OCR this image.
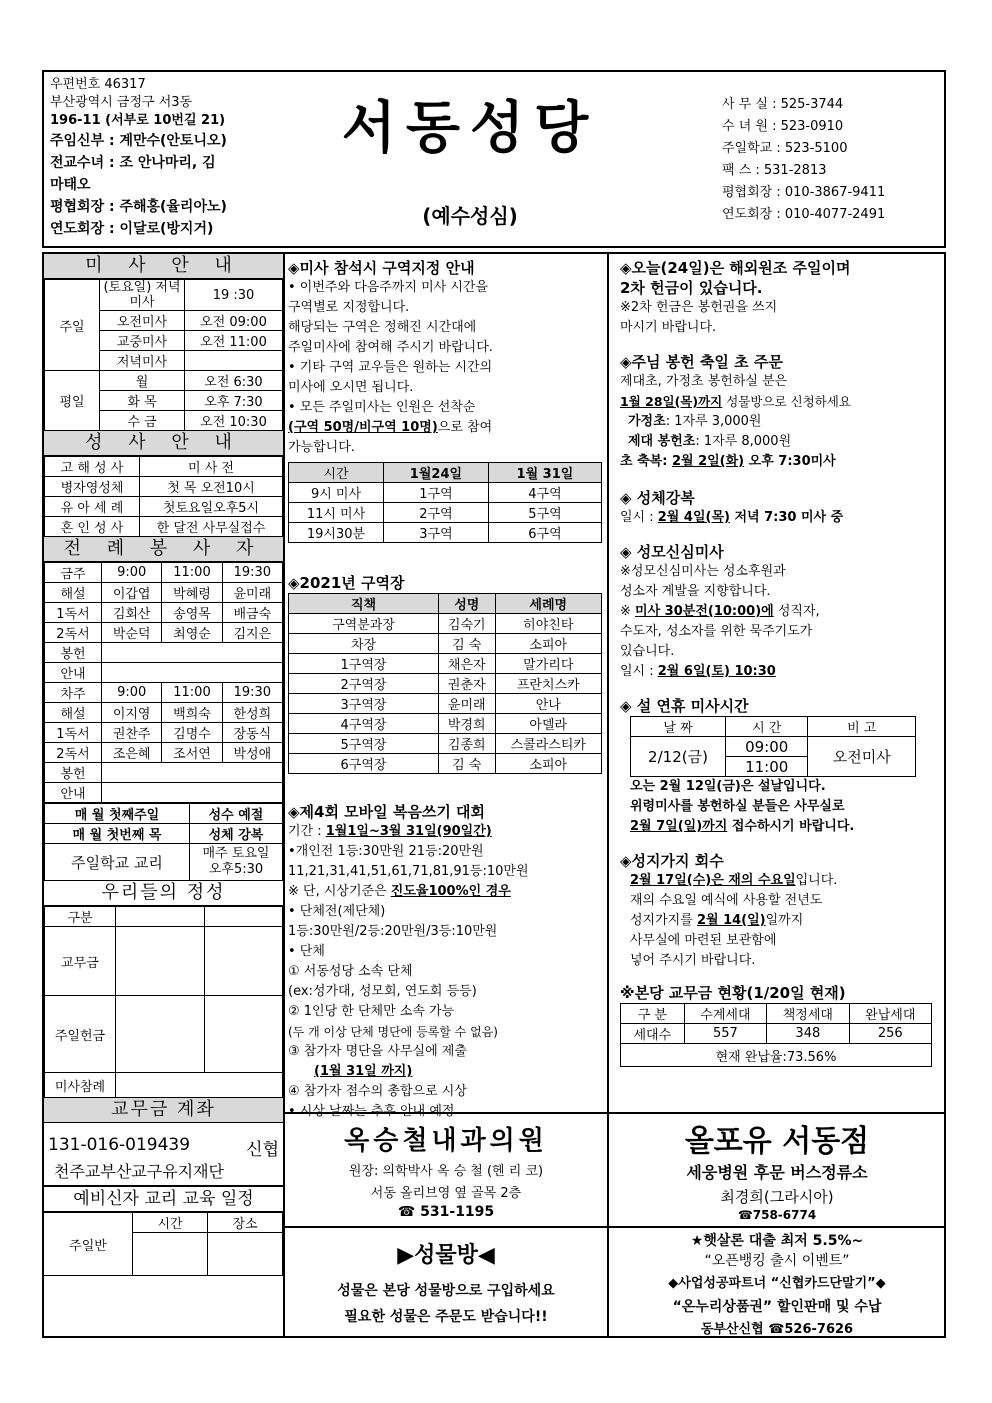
우편번호 46317
부산광역시 금정구 서3동
196-11 (서부로 10번길 21)
주임신부 : 계만수(안토니오)
전교수녀 : 조 안나마리, 김
마태오
평협회장 : 주해홍(율리아노)
연도회장 : 이달로(방지거)
서동성당
(예수성심)
사 무 실 : 525-3744
수 녀 원 : 523-0910
주일학교 : 523-5100
팩 스 : 531-2813
평협회장 : 010-3867-9411
연도회장 : 010-4077-2491
미 사 안 내
주일	(토요일) 저녁미사	19 :30
	오전미사	오전 09:00
	교중미사	오전 11:00
	저녁미사	
평일	월	오전 6:30
	화 목	오후 7:30
	수 금	오전 10:30
성 사 안 내
고 해 성 사	미 사 전
병자영성체	첫 목 오전10시
유 아 세 례	첫토요일오후5시
혼 인 성 사	한 달전 사무실접수
전 례 봉 사 자
금주	9:00	11:00	19:30
해설	이갑엽	박혜령	윤미래
1독서	김회산	송영목	배금숙
2독서	박순덕	최영순	김지은
봉헌			
안내			
차주	9:00	11:00	19:30
해설	이지영	백희숙	한성희
1독서	권찬주	김명수	장동식
2독서	조은혜	조서연	박성애
봉헌			
안내			
매 월 첫째주일	성수 예절
매 월 첫번째 목	성체 강복
주일학교 교리	매주 토요일
오후5:30
우리들의 정성
구분		
교무금		
주일헌금		
미사참례		
교무금 계좌
131-016-019439	신협
천주교부산교구유지재단
예비신자 교리 교육 일정
주일반	시간	장소

◈미사 참석시 구역지정 안내
• 이번주와 다음주까지 미사 시간을
구역별로 지정합니다.
해당되는 구역은 정해진 시간대에
주일미사에 참여해 주시기 바랍니다.
• 기타 구역 교우들은 원하는 시간의
미사에 오시면 됩니다.
• 모든 주일미사는 인원은 선착순
(구역 50명/비구역 10명)으로 참여
가능합니다.
시간	1월24일	1월 31일
9시 미사	1구역	4구역
11시 미사	2구역	5구역
19시30분	3구역	6구역
◈2021년 구역장
직책	성명	세례명
구역분과장	김숙기	히야친타
차장	김 숙	소피아
1구역장	채은자	말가리다
2구역장	권춘자	프란치스카
3구역장	윤미래	안나
4구역장	박경희	아델라
5구역장	김종희	스콜라스티카
6구역장	김 숙	소피아
◈제4회 모바일 복음쓰기 대회
기간 : 1월1일~3월 31일(90일간)
•개인전 1등:30만원 21등:20만원
11,21,31,41,51,61,71,81,91등:10만원
※ 단, 시상기준은 진도율100%인 경우
• 단체전(제단체)
1등:30만원/2등:20만원/3등:10만원
• 단체
① 서동성당 소속 단체
(ex:성가대, 성모회, 연도회 등등)
② 1인당 한 단체만 소속 가능
(두 개 이상 단체 명단에 등록할 수 없음)
③ 참가자 명단을 사무실에 제출
(1월 31일 까지)
④ 참가자 점수의 총합으로 시상
◈오늘(24일)은 해외원조 주일이며
2차 헌금이 있습니다.
※2차 헌금은 봉헌권을 쓰지
마시기 바랍니다.
◈주님 봉헌 축일 초 주문
제대초, 가정초 봉헌하실 분은
1월 28일(목)까지 성물방으로 신청하세요
가정초: 1자루 3,000원
제대 봉헌초: 1자루 8,000원
초 축복: 2월 2일(화) 오후 7:30미사
◈ 성체강복
일시 : 2월 4일(목) 저녁 7:30 미사 중
◈ 성모신심미사
※성모신심미사는 성소후원과
성소자 계발을 지향합니다.
※ 미사 30분전(10:00)에 성직자,
수도자, 성소자를 위한 묵주기도가
있습니다.
일시 : 2월 6일(토) 10:30
◈ 설 연휴 미사시간
날 짜	시 간	비 고
2/12(금)	09:00	오전미사
	11:00	
오는 2월 12일(금)은 설날입니다.
위령미사를 봉헌하실 분들은 사무실로
2월 7일(일)까지 접수하시기 바랍니다.
◈성지가지 회수
2월 17일(수)은 재의 수요일입니다.
재의 수요일 예식에 사용할 전년도
성지가지를 2월 14(일)일까지
사무실에 마련된 보관함에
넣어 주시기 바랍니다.
※본당 교무금 현황(1/20일 현재)
구 분	수계세대	책정세대	완납세대
세대수	557	348	256
현재 완납율:73.56%			
옥승철내과의원
원장: 의학박사 옥 승 철 (헨 리 코)
서동 올리브영 옆 골목 2층
☎ 531-1195
▶성물방◀
성물은 본당 성물방으로 구입하세요
필요한 성물은 주문도 받습니다!!
올포유 서동점
세웅병원 후문 버스정류소
최경희(그라시아)
☎758-6774
★햇살론 대출 최저 5.5%~
“오픈뱅킹 출시 이벤트”
◆사업성공파트너 “신협카드단말기”◆
“온누리상품권” 할인판매 및 수납
동부산신협 ☎526-7626
